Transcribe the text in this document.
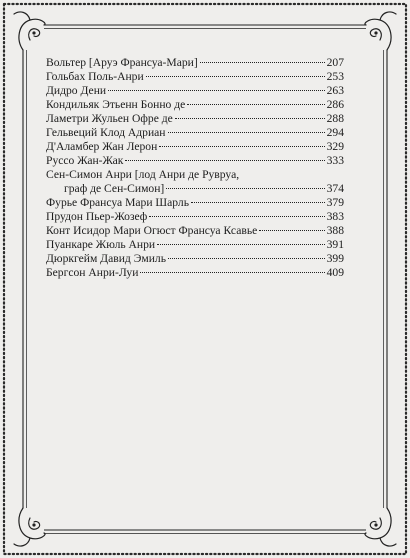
Вольтер [Аруэ Франсуа-Мари]	207
Гольбах Поль-Анри	253
Дидро Дени	263
Кондильяк Этьенн Бонно де	286
Ламетри Жульен Офре де	288
Гельвеций Клод Адриан	294
Д'Аламбер Жан Лерон	329
Руссо Жан-Жак	333
Сен-Симон Анри [лод Анри де Рувруа,
граф де Сен-Симон]	374
Фурье Франсуа Мари Шарль	379
Прудон Пьер-Жозеф	383
Конт Исидор Мари Огюст Франсуа Ксавье	388
Пуанкаре Жюль Анри	391
Дюркгейм Давид Эмиль	399
Бергсон Анри-Луи	409
